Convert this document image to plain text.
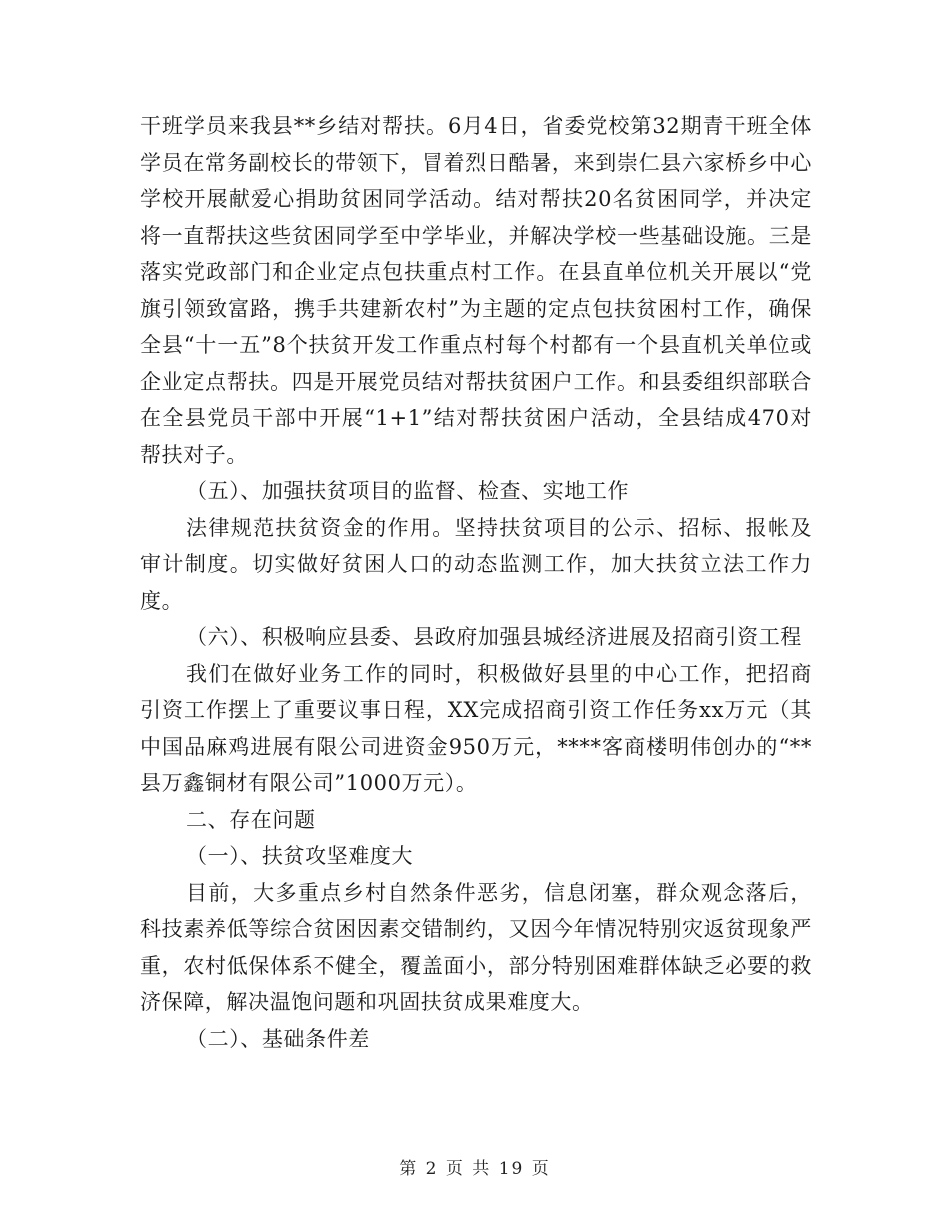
干班学员来我县**乡结对帮扶。6月4日，省委党校第32期青干班全体学员在常务副校长的带领下，冒着烈日酷暑，来到崇仁县六家桥乡中心学校开展献爱心捐助贫困同学活动。结对帮扶20名贫困同学，并决定将一直帮扶这些贫困同学至中学毕业，并解决学校一些基础设施。三是落实党政部门和企业定点包扶重点村工作。在县直单位机关开展以“党旗引领致富路，携手共建新农村”为主题的定点包扶贫困村工作，确保全县“十一五”8个扶贫开发工作重点村每个村都有一个县直机关单位或企业定点帮扶。四是开展党员结对帮扶贫困户工作。和县委组织部联合在全县党员干部中开展“1+1”结对帮扶贫困户活动，全县结成470对帮扶对子。

（五）、加强扶贫项目的监督、检查、实地工作

法律规范扶贫资金的作用。坚持扶贫项目的公示、招标、报帐及审计制度。切实做好贫困人口的动态监测工作，加大扶贫立法工作力度。

（六）、积极响应县委、县政府加强县城经济进展及招商引资工程

我们在做好业务工作的同时，积极做好县里的中心工作，把招商引资工作摆上了重要议事日程，XX完成招商引资工作任务xx万元（其中国品麻鸡进展有限公司进资金950万元，****客商楼明伟创办的“**县万鑫铜材有限公司”1000万元）。

二、存在问题

（一）、扶贫攻坚难度大

目前，大多重点乡村自然条件恶劣，信息闭塞，群众观念落后，科技素养低等综合贫困因素交错制约，又因今年情况特别灾返贫现象严重，农村低保体系不健全，覆盖面小，部分特别困难群体缺乏必要的救济保障，解决温饱问题和巩固扶贫成果难度大。

（二）、基础条件差

第 2 页 共 19 页
